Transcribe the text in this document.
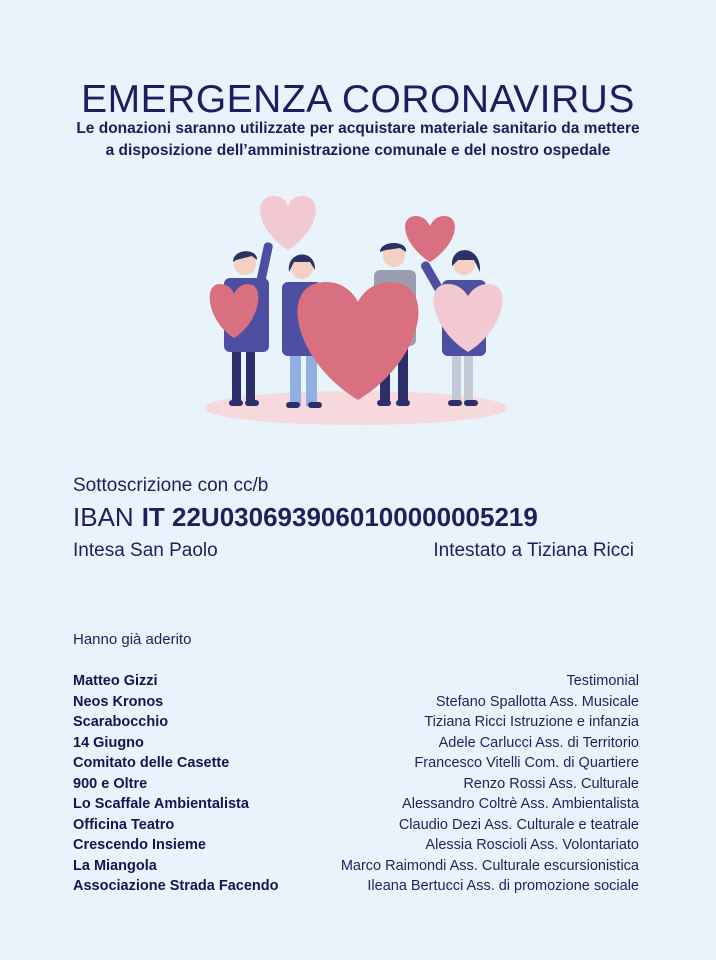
EMERGENZA CORONAVIRUS
Le donazioni saranno utilizzate per acquistare materiale sanitario da mettere
a disposizione dell’amministrazione comunale e del nostro ospedale
Sottoscrizione con cc/b
IBAN IT 22U0306939060100000005219
Intesa San Paolo	Intestato a Tiziana Ricci
Hanno già aderito
Matteo Gizzi	Testimonial
Neos Kronos	Stefano Spallotta Ass. Musicale
Scarabocchio	Tiziana Ricci Istruzione e infanzia
14 Giugno	Adele Carlucci Ass. di Territorio
Comitato delle Casette	Francesco Vitelli Com. di Quartiere
900 e Oltre	Renzo Rossi Ass. Culturale
Lo Scaffale Ambientalista	Alessandro Coltrè Ass. Ambientalista
Officina Teatro	Claudio Dezi Ass. Culturale e teatrale
Crescendo Insieme	Alessia Roscioli Ass. Volontariato
La Miangola	Marco Raimondi Ass. Culturale escursionistica
Associazione Strada Facendo	Ileana Bertucci Ass. di promozione sociale
